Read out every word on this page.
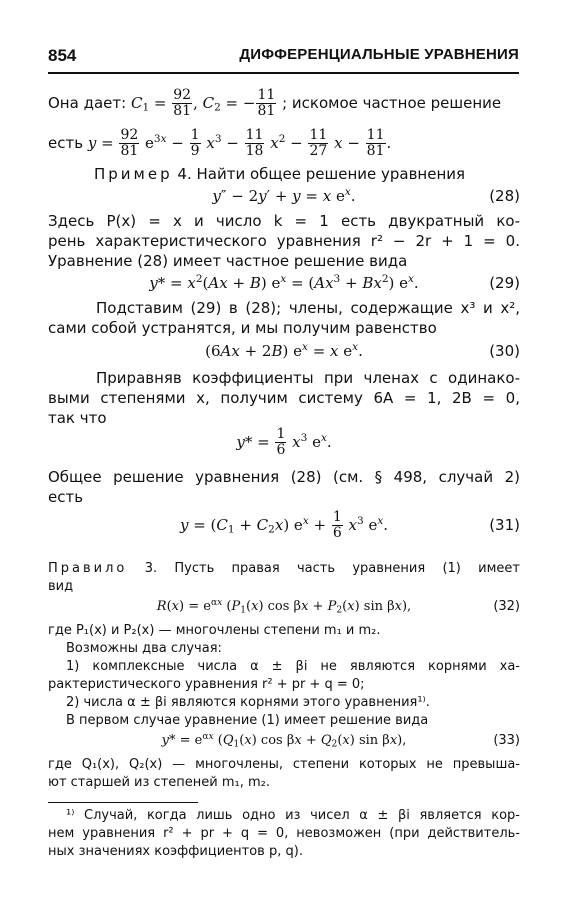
854	ДИФФЕРЕНЦИАЛЬНЫЕ УРАВНЕНИЯ
Она дает: $C_1 = \frac{92}{81}$ , $C_2$ = − $\frac{11}{81}$ ; искомое частное решение
есть $y = \frac{92}{81} e^{3x} - \frac{1}{9} x^3 - \frac{11}{18} x^2 - \frac{11}{27}$ $x - \frac{11}{81}$ .
Пример 4. Найти общее решение уравнения
y″ − 2y′ + y = x $e^x$.	(28)
Здесь P(x) = x и число k = 1 есть двукратный ко-
рень характеристического уравнения r² − 2r + 1 = 0.
Уравнение (28) имеет частное решение вида
$y* = x^2(Ax + B) e^x = (Ax^3 + Bx^2)$ $e^x$.	(29)
Подставим (29) в (28); члены, содержащие x³ и x²,
сами собой устранятся, и мы получим равенство
(6Ax + 2B) $e^x = x$ $e^x$.	(30)
Приравняв коэффициенты при членах с одинако-
выми степенями x, получим систему 6A = 1, 2B = 0,
так что
$y* = \frac{1}{6} x^3$ $e^x$.
Общее решение уравнения (28) (см. § 498, случай 2)
есть
$y = (C_1 + C_2x) e^x + \frac{1}{6} x^3$ $e^x$.	(31)
Правило 3. Пусть правая часть уравнения (1) имеет
вид
$R(x) = e^{\alpha x}$ ($P_1(x)$ $\cos \beta x + P_2(x)$ sin βx),	(32)
где P₁(x) и P₂(x) — многочлены степени m₁ и m₂.
Возможны два случая:
1) комплексные числа α ± βi не являются корнями ха-
рактеристического уравнения r² + pr + q = 0;
2) числа α ± βi являются корнями этого уравнения¹⁾.
В первом случае уравнение (1) имеет решение вида
$y* = e^{\alpha x}$ ($Q_1(x)$ $\cos \beta x + Q_2(x)$ sin βx),	(33)
где Q₁(x), Q₂(x) — многочлены, степени которых не превыша-
ют старшей из степеней m₁, m₂.
¹⁾ Случай, когда лишь одно из чисел α ± βi является кор-
нем уравнения r² + pr + q = 0, невозможен (при действитель-
ных значениях коэффициентов p, q).
